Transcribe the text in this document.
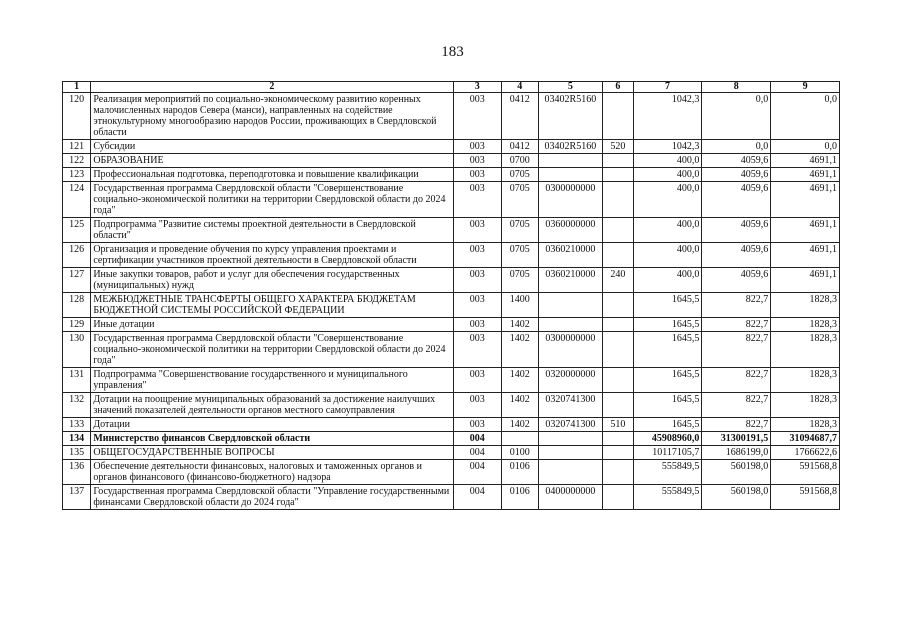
183
1	2	3	4	5	6	7	8	9
120	Реализация мероприятий по социально-экономическому развитию коренных малочисленных народов Севера (манси), направленных на содействие этнокультурному многообразию народов России, проживающих в Свердловской области	003	0412	03402R5160		1042,3	0,0	0,0
121	Субсидии	003	0412	03402R5160	520	1042,3	0,0	0,0
122	ОБРАЗОВАНИЕ	003	0700			400,0	4059,6	4691,1
123	Профессиональная подготовка, переподготовка и повышение квалификации	003	0705			400,0	4059,6	4691,1
124	Государственная программа Свердловской области "Совершенствование социально-экономической политики на территории Свердловской области до 2024 года"	003	0705	0300000000		400,0	4059,6	4691,1
125	Подпрограмма "Развитие системы проектной деятельности в Свердловской области"	003	0705	0360000000		400,0	4059,6	4691,1
126	Организация и проведение обучения по курсу управления проектами и сертификации участников проектной деятельности в Свердловской области	003	0705	0360210000		400,0	4059,6	4691,1
127	Иные закупки товаров, работ и услуг для обеспечения государственных (муниципальных) нужд	003	0705	0360210000	240	400,0	4059,6	4691,1
128	МЕЖБЮДЖЕТНЫЕ ТРАНСФЕРТЫ ОБЩЕГО ХАРАКТЕРА БЮДЖЕТАМ БЮДЖЕТНОЙ СИСТЕМЫ РОССИЙСКОЙ ФЕДЕРАЦИИ	003	1400			1645,5	822,7	1828,3
129	Иные дотации	003	1402			1645,5	822,7	1828,3
130	Государственная программа Свердловской области "Совершенствование социально-экономической политики на территории Свердловской области до 2024 года"	003	1402	0300000000		1645,5	822,7	1828,3
131	Подпрограмма "Совершенствование государственного и муниципального управления"	003	1402	0320000000		1645,5	822,7	1828,3
132	Дотации на поощрение муниципальных образований за достижение наилучших значений показателей деятельности органов местного самоуправления	003	1402	0320741300		1645,5	822,7	1828,3
133	Дотации	003	1402	0320741300	510	1645,5	822,7	1828,3
134	Министерство финансов Свердловской области	004				45908960,0	31300191,5	31094687,7
135	ОБЩЕГОСУДАРСТВЕННЫЕ ВОПРОСЫ	004	0100			10117105,7	1686199,0	1766622,6
136	Обеспечение деятельности финансовых, налоговых и таможенных органов и органов финансового (финансово-бюджетного) надзора	004	0106			555849,5	560198,0	591568,8
137	Государственная программа Свердловской области "Управление государственными финансами Свердловской области до 2024 года"	004	0106	0400000000		555849,5	560198,0	591568,8
